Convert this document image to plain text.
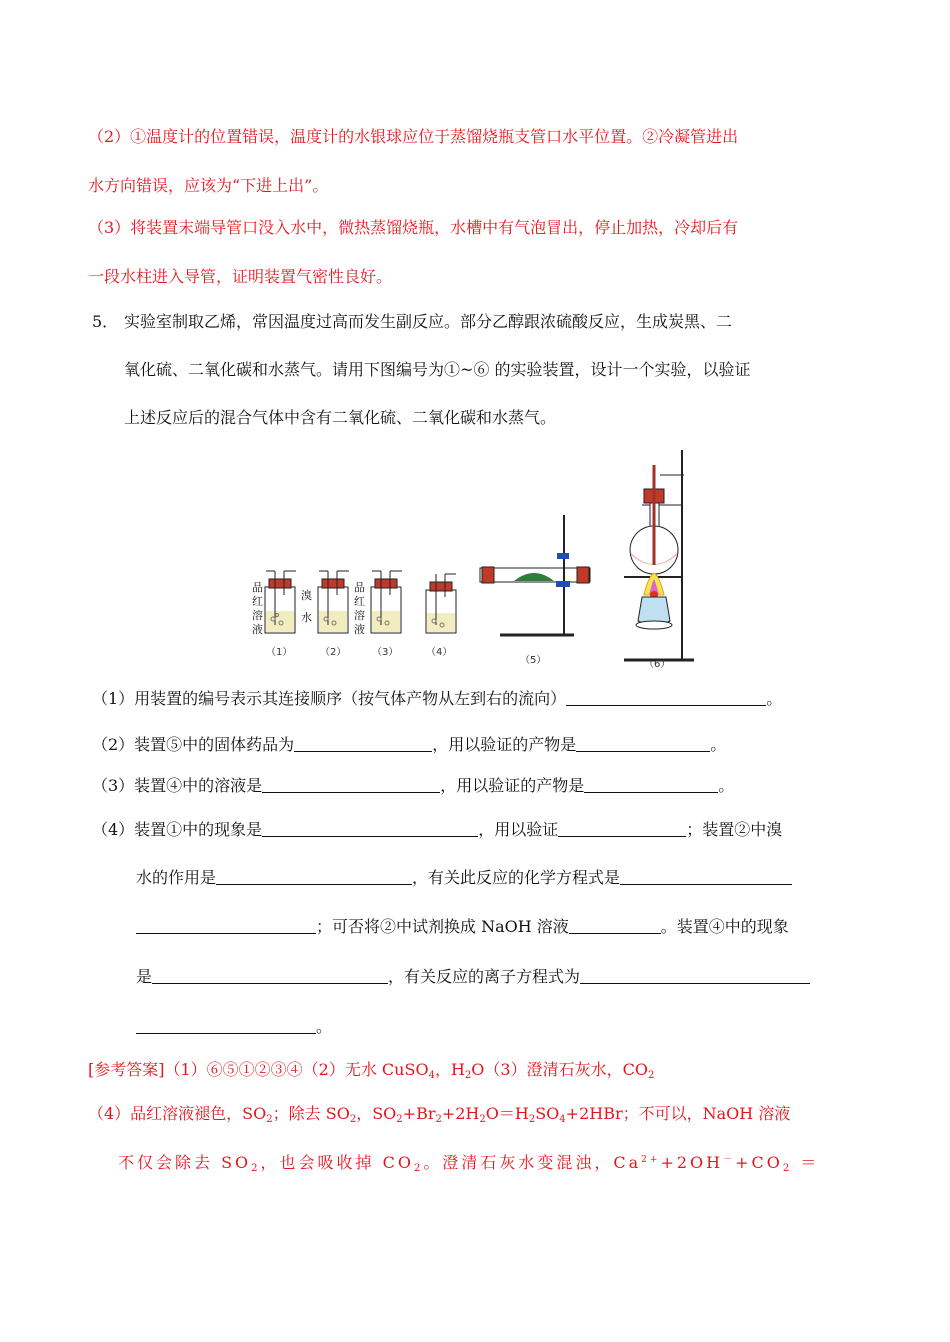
（2）①温度计的位置错误，温度计的水银球应位于蒸馏烧瓶支管口水平位置。②冷凝管进出
水方向错误，应该为“下进上出”。
（3）将装置末端导管口没入水中，微热蒸馏烧瓶，水槽中有气泡冒出，停止加热，冷却后有
一段水柱进入导管，证明装置气密性良好。
5． 实验室制取乙烯，常因温度过高而发生副反应。部分乙醇跟浓硫酸反应，生成炭黑、二
氧化硫、二氧化碳和水蒸气。请用下图编号为①~⑥ 的实验装置，设计一个实验，以验证
上述反应后的混合气体中含有二氧化硫、二氧化碳和水蒸气。
品红溶液
溴水
品红溶液
（1）	（2）	（3）	（4）
（5）	（6）
（1）用装置的编号表示其连接顺序（按气体产物从左到右的流向）	。
（2）装置⑤中的固体药品为	，用以验证的产物是	。
（3）装置④中的溶液是	，用以验证的产物是	。
（4）装置①中的现象是	，用以验证	；装置②中溴
水的作用是	，有关此反应的化学方程式是
；可否将②中试剂换成 NaOH 溶液	。装置④中的现象
是	，有关反应的离子方程式为
。
[参考答案]（1）⑥⑤①②③④（2）无水 CuSO$_4$，$H_2O(3)$澄清石灰水，$CO_2$
（4）品红溶液褪色，$SO_2$；除去 $SO_2$，$SO_2+Br_2+2H_2O=H_2SO_4+2HBr$；不可以，NaOH 溶液
不仅会除去 $SO_2$，也会吸收掉 $CO_2$。澄清石灰水变混浊，$Ca^{2+}+2OH^-+CO_2$ ＝
